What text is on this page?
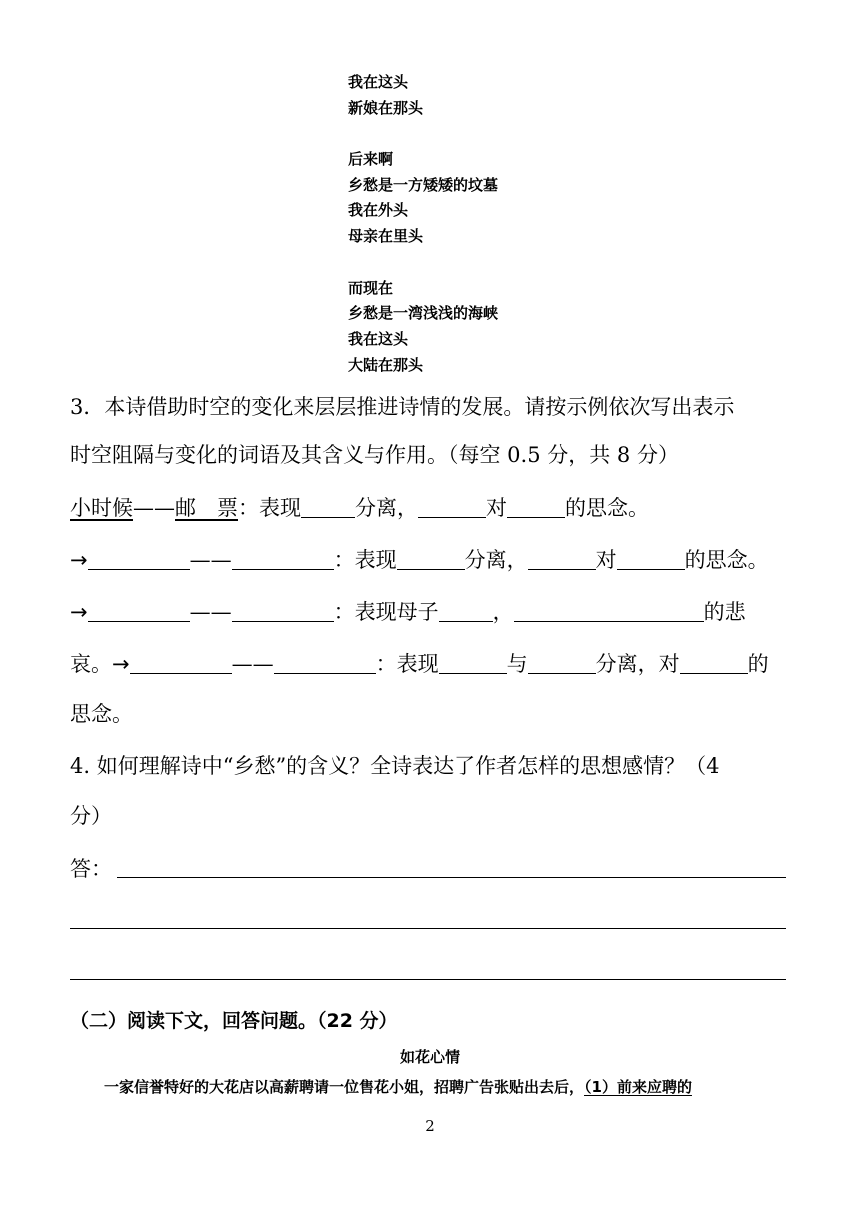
我在这头
新娘在那头
后来啊
乡愁是一方矮矮的坟墓
我在外头
母亲在里头
而现在
乡愁是一湾浅浅的海峡
我在这头
大陆在那头
3．本诗借助时空的变化来层层推进诗情的发展。请按示例依次写出表示
时空阻隔与变化的词语及其含义与作用。（每空 0.5 分，共 8 分）
小时候——邮　票：表现	分离，	对	的思念。
→	——	：表现	分离，	对	的思念。
→	——	：表现母子	，	的悲
哀。→	——	：表现	与	分离，对	的
思念。
4. 如何理解诗中“乡愁”的含义？全诗表达了作者怎样的思想感情？（4
分）
答：
（二）阅读下文，回答问题。（22 分）
如花心情
一家信誉特好的大花店以高薪聘请一位售花小姐，招聘广告张贴出去后，（1）前来应聘的
2
